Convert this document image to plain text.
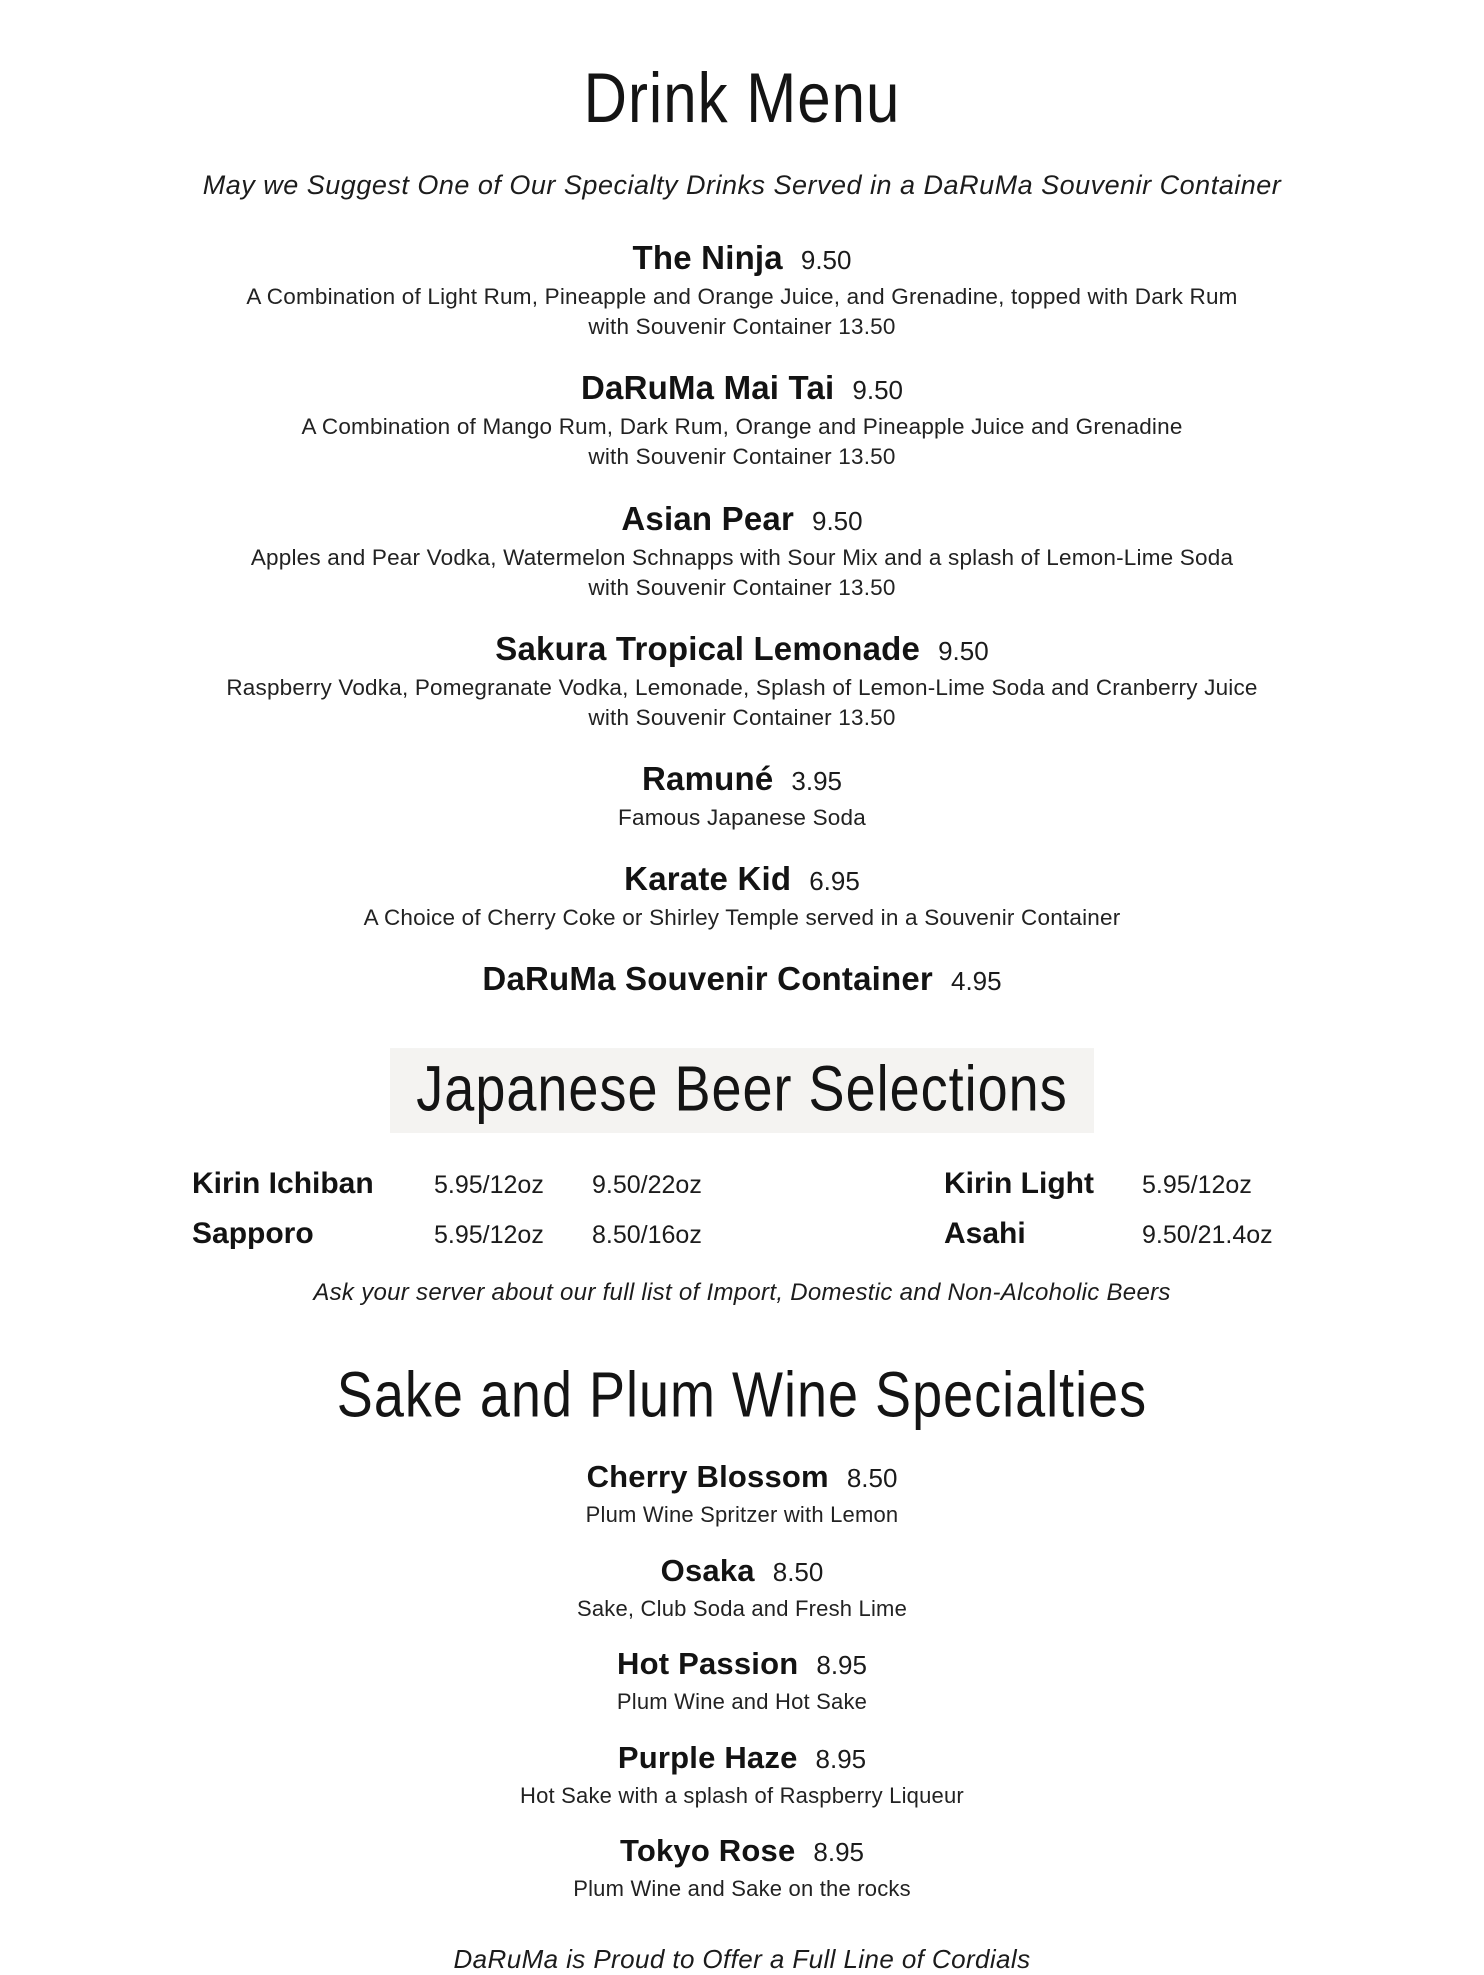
Drink Menu
May we Suggest One of Our Specialty Drinks Served in a DaRuMa Souvenir Container
The Ninja 9.50
A Combination of Light Rum, Pineapple and Orange Juice, and Grenadine, topped with Dark Rum
with Souvenir Container 13.50
DaRuMa Mai Tai 9.50
A Combination of Mango Rum, Dark Rum, Orange and Pineapple Juice and Grenadine
with Souvenir Container 13.50
Asian Pear 9.50
Apples and Pear Vodka, Watermelon Schnapps with Sour Mix and a splash of Lemon-Lime Soda
with Souvenir Container 13.50
Sakura Tropical Lemonade 9.50
Raspberry Vodka, Pomegranate Vodka, Lemonade, Splash of Lemon-Lime Soda and Cranberry Juice
with Souvenir Container 13.50
Ramuné 3.95
Famous Japanese Soda
Karate Kid 6.95
A Choice of Cherry Coke or Shirley Temple served in a Souvenir Container
DaRuMa Souvenir Container 4.95
Japanese Beer Selections
Kirin Ichiban	5.95/12oz	9.50/22oz	Kirin Light	5.95/12oz
Sapporo	5.95/12oz	8.50/16oz	Asahi	9.50/21.4oz
Ask your server about our full list of Import, Domestic and Non-Alcoholic Beers
Sake and Plum Wine Specialties
Cherry Blossom 8.50
Plum Wine Spritzer with Lemon
Osaka 8.50
Sake, Club Soda and Fresh Lime
Hot Passion 8.95
Plum Wine and Hot Sake
Purple Haze 8.95
Hot Sake with a splash of Raspberry Liqueur
Tokyo Rose 8.95
Plum Wine and Sake on the rocks
DaRuMa is Proud to Offer a Full Line of Cordials
